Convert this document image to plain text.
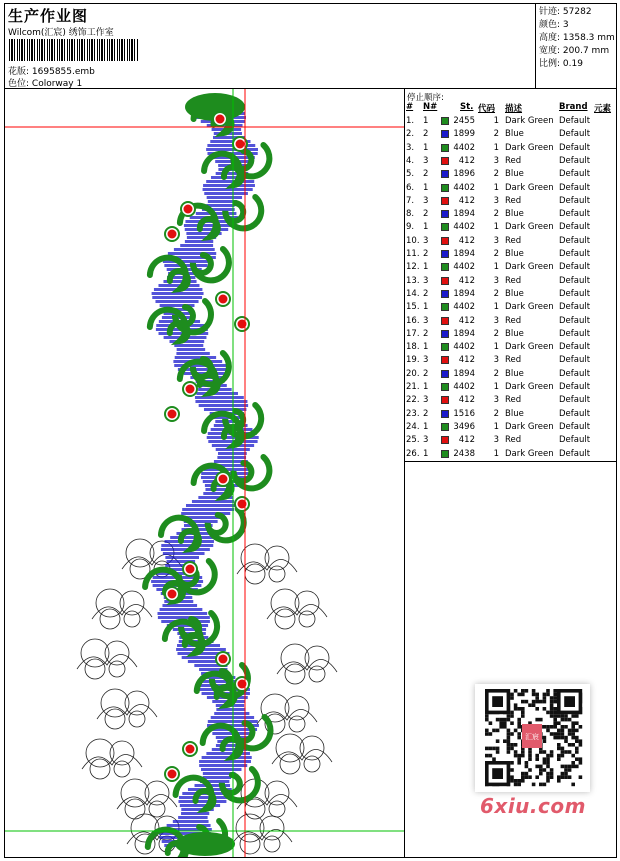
生产作业图
Wilcom(汇宸) 绣饰工作室
花版: 1695855.emb
色位: Colorway 1
针迹: 57282
颜色: 3
高度: 1358.3 mm
宽度: 200.7 mm
比例: 0.19
停止顺序:
# N#	St. 代码 描述	Brand 元素
1. 1	2455	1 Dark Green Default
2. 2	1899	2 Blue	Default
3. 1	4402	1 Dark Green Default
4. 3	412	3 Red	Default
5. 2	1896	2 Blue	Default
6. 1	4402	1 Dark Green Default
7. 3	412	3 Red	Default
8. 2	1894	2 Blue	Default
9. 1	4402	1 Dark Green Default
10. 3	412	3 Red	Default
11. 2	1894	2 Blue	Default
12. 1	4402	1 Dark Green Default
13. 3	412	3 Red	Default
14. 2	1894	2 Blue	Default
15. 1	4402	1 Dark Green Default
16. 3	412	3 Red	Default
17. 2	1894	2 Blue	Default
18. 1	4402	1 Dark Green Default
19. 3	412	3 Red	Default
20. 2	1894	2 Blue	Default
21. 1	4402	1 Dark Green Default
22. 3	412	3 Red	Default
23. 2	1516	2 Blue	Default
24. 1	3496	1 Dark Green Default
25. 3	412	3 Red	Default
26. 1	2438	1 Dark Green Default
汇宸
6xiu.com
